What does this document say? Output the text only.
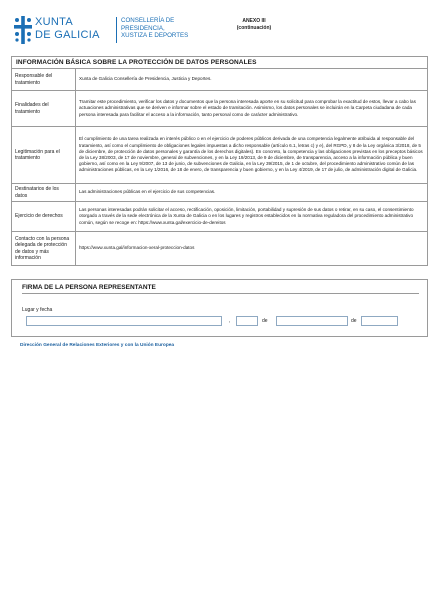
XUNTA
DE GALICIA
CONSELLERÍA DE
PRESIDENCIA,
XUSTIZA E DEPORTES
ANEXO III
(continuación)
INFORMACIÓN BÁSICA SOBRE LA PROTECCIÓN DE DATOS PERSONALES
Responsable del tratamiento
Xunta de Galicia Consellería de Presidencia, Justicia y Deportes.
Finalidades del tratamiento
Tramitar este procedimiento, verificar los datos y documentos que la persona interesada aporte en su solicitud para comprobar la exactitud de estos, llevar a cabo las actuaciones administrativas que se deriven e informar sobre el estado de tramitación. Asimismo, los datos personales se incluirán en la Carpeta ciudadana de cada persona interesada para facilitar el acceso a la información, tanto personal como de carácter administrativo.
Legitimación para el tratamiento
El cumplimiento de una tarea realizada en interés público o en el ejercicio de poderes públicos derivada de una competencia legalmente atribuida al responsable del tratamiento, así como el cumplimiento de obligaciones legales impuestas a dicho responsable (artículo 6.1, letras c) y e), del RGPD, y 8 de la Ley orgánica 3/2018, de 5 de diciembre, de protección de datos personales y garantía de los derechos digitales). En concreto, la competencia y las obligaciones previstas en los preceptos básicos de la Ley 38/2003, de 17 de noviembre, general de subvenciones, y en la Ley 19/2013, de 9 de diciembre, de transparencia, acceso a la información pública y buen gobierno, así como en la Ley 9/2007, de 13 de junio, de subvenciones de Galicia, en la Ley 39/2015, de 1 de octubre, del procedimiento administrativo común de las administraciones públicas, en la Ley 1/2016, de 18 de enero, de transparencia y buen gobierno, y en la Ley 4/2019, de 17 de julio, de administración digital de Galicia.
Destinatarios de los datos
Las administraciones públicas en el ejercicio de sus competencias.
Ejercicio de derechos
Las personas interesadas podrán solicitar el acceso, rectificación, oposición, limitación, portabilidad y supresión de sus datos o retirar, en su caso, el consentimiento otorgado a través de la sede electrónica de la Xunta de Galicia o en los lugares y registros establecidos en la normativa reguladora del procedimiento administrativo común, según se recoge en: https://www.xunta.gal/exercicio-de-dereitos
Contacto con la persona delegada de protección de datos y más información
https://www.xunta.gal/informacion-xeral-proteccion-datos
FIRMA DE LA PERSONA REPRESENTANTE
Lugar y fecha
,	de	de
Dirección General de Relaciones Exteriores y con la Unión Europea
